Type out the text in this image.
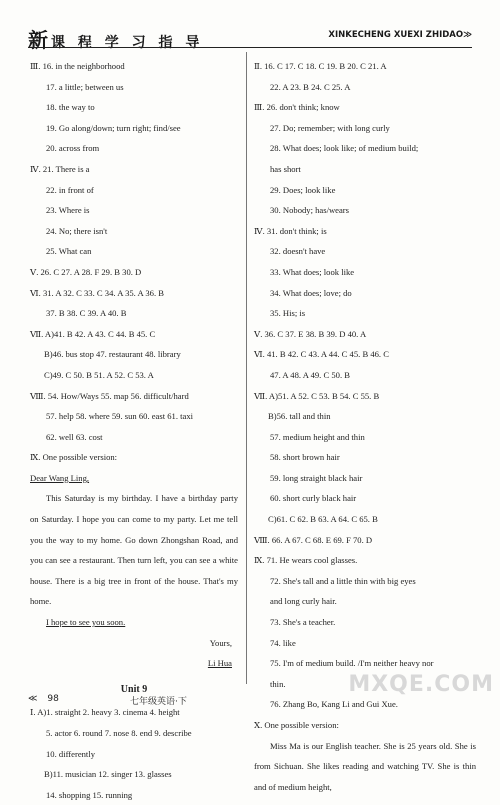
新 课 程 学 习 指 导	XINKECHENG XUEXI ZHIDAO≫
Ⅲ. 16. in the neighborhood
17. a little; between us
18. the way to
19. Go along/down; turn right; find/see
20. across from
Ⅳ. 21. There is a
22. in front of
23. Where is
24. No; there isn't
25. What can
Ⅴ. 26. C 27. A 28. F 29. B 30. D
Ⅵ. 31. A 32. C 33. C 34. A 35. A 36. B
37. B 38. C 39. A 40. B
Ⅶ. A)41. B 42. A 43. C 44. B 45. C
B)46. bus stop 47. restaurant 48. library
C)49. C 50. B 51. A 52. C 53. A
Ⅷ. 54. How/Ways 55. map 56. difficult/hard
57. help 58. where 59. sun 60. east 61. taxi
62. well 63. cost
Ⅸ. One possible version:
Dear Wang Ling,
This Saturday is my birthday. I have a birthday party on Saturday. I hope you can come to my party. Let me tell you the way to my home. Go down Zhongshan Road, and you can see a restaurant. Then turn left, you can see a white house. There is a big tree in front of the house. That's my home.
I hope to see you soon.
Yours,
Li Hua
Unit 9
Ⅰ. A)1. straight 2. heavy 3. cinema 4. height
5. actor 6. round 7. nose 8. end 9. describe
10. differently
B)11. musician 12. singer 13. glasses
14. shopping 15. running
Ⅱ. 16. C 17. C 18. C 19. B 20. C 21. A
22. A 23. B 24. C 25. A
Ⅲ. 26. don't think; know
27. Do; remember; with long curly
28. What does; look like; of medium build;
has short
29. Does; look like
30. Nobody; has/wears
Ⅳ. 31. don't think; is
32. doesn't have
33. What does; look like
34. What does; love; do
35. His; is
Ⅴ. 36. C 37. E 38. B 39. D 40. A
Ⅵ. 41. B 42. C 43. A 44. C 45. B 46. C
47. A 48. A 49. C 50. B
Ⅶ. A)51. A 52. C 53. B 54. C 55. B
B)56. tall and thin
57. medium height and thin
58. short brown hair
59. long straight black hair
60. short curly black hair
C)61. C 62. B 63. A 64. C 65. B
Ⅷ. 66. A 67. C 68. E 69. F 70. D
Ⅸ. 71. He wears cool glasses.
72. She's tall and a little thin with big eyes
and long curly hair.
73. She's a teacher.
74. like
75. I'm of medium build. /I'm neither heavy nor
thin.
76. Zhang Bo, Kang Li and Gui Xue.
Ⅹ. One possible version:
Miss Ma is our English teacher. She is 25 years old. She is from Sichuan. She likes reading and watching TV. She is thin and of medium height,
≪ 98	七年级英语·下
MXQE.COM
